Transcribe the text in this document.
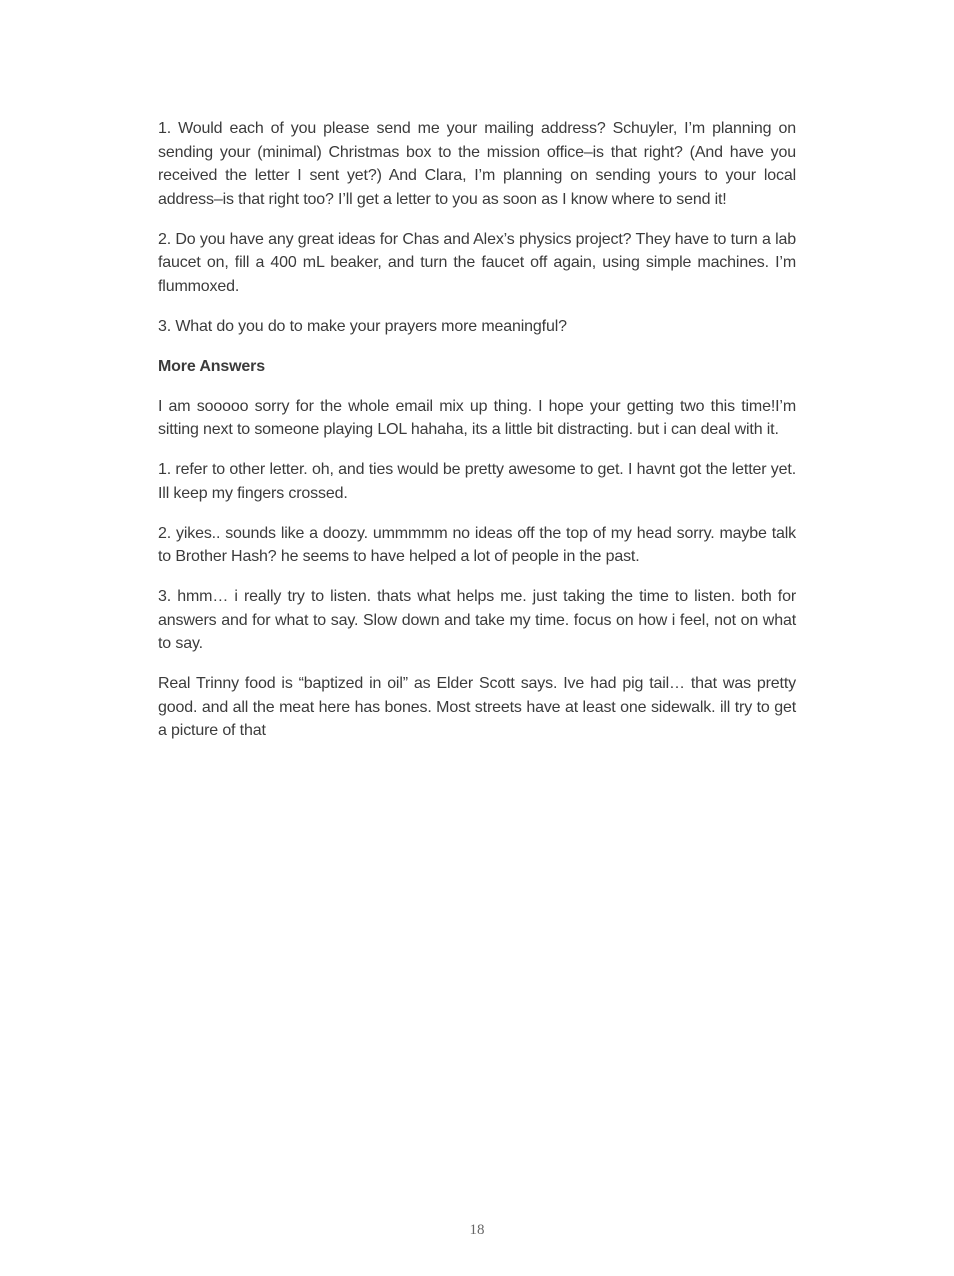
1. Would each of you please send me your mailing address? Schuyler, I’m planning on sending your (minimal) Christmas box to the mission office–is that right? (And have you received the letter I sent yet?) And Clara, I’m planning on sending yours to your local address–is that right too? I’ll get a letter to you as soon as I know where to send it!

2. Do you have any great ideas for Chas and Alex’s physics project? They have to turn a lab faucet on, fill a 400 mL beaker, and turn the faucet off again, using simple machines. I’m flummoxed.

3. What do you do to make your prayers more meaningful?

More Answers

I am sooooo sorry for the whole email mix up thing. I hope your getting two this time!I’m sitting next to someone playing LOL hahaha, its a little bit distracting. but i can deal with it.

1. refer to other letter. oh, and ties would be pretty awesome to get. I havnt got the letter yet. Ill keep my fingers crossed.

2. yikes.. sounds like a doozy. ummmmm no ideas off the top of my head sorry. maybe talk to Brother Hash? he seems to have helped a lot of people in the past.

3. hmm… i really try to listen. thats what helps me. just taking the time to listen. both for answers and for what to say. Slow down and take my time. focus on how i feel, not on what to say.

Real Trinny food is “baptized in oil” as Elder Scott says. Ive had pig tail… that was pretty good. and all the meat here has bones. Most streets have at least one sidewalk. ill try to get a picture of that

18
